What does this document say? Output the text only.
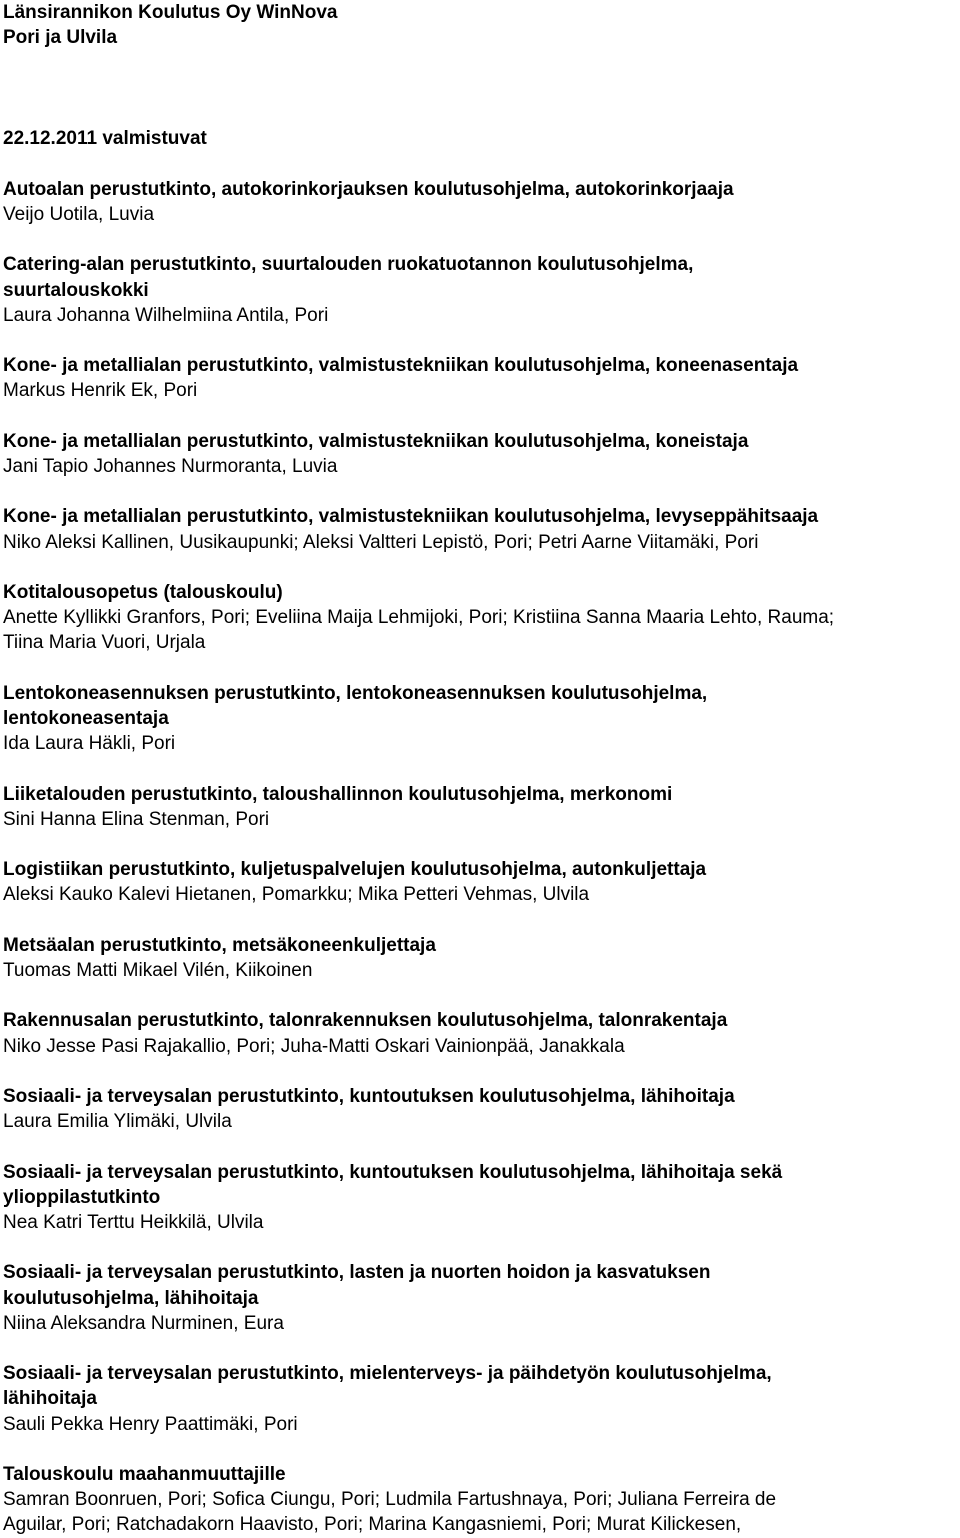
Länsirannikon Koulutus Oy WinNova
Pori ja Ulvila
22.12.2011 valmistuvat
Autoalan perustutkinto, autokorinkorjauksen koulutusohjelma, autokorinkorjaaja
Veijo Uotila, Luvia
Catering-alan perustutkinto, suurtalouden ruokatuotannon koulutusohjelma,
suurtalouskokki
Laura Johanna Wilhelmiina Antila, Pori
Kone- ja metallialan perustutkinto, valmistustekniikan koulutusohjelma, koneenasentaja
Markus Henrik Ek, Pori
Kone- ja metallialan perustutkinto, valmistustekniikan koulutusohjelma, koneistaja
Jani Tapio Johannes Nurmoranta, Luvia
Kone- ja metallialan perustutkinto, valmistustekniikan koulutusohjelma, levyseppähitsaaja
Niko Aleksi Kallinen, Uusikaupunki; Aleksi Valtteri Lepistö, Pori; Petri Aarne Viitamäki, Pori
Kotitalousopetus (talouskoulu)
Anette Kyllikki Granfors, Pori; Eveliina Maija Lehmijoki, Pori; Kristiina Sanna Maaria Lehto, Rauma;
Tiina Maria Vuori, Urjala
Lentokoneasennuksen perustutkinto, lentokoneasennuksen koulutusohjelma,
lentokoneasentaja
Ida Laura Häkli, Pori
Liiketalouden perustutkinto, taloushallinnon koulutusohjelma, merkonomi
Sini Hanna Elina Stenman, Pori
Logistiikan perustutkinto, kuljetuspalvelujen koulutusohjelma, autonkuljettaja
Aleksi Kauko Kalevi Hietanen, Pomarkku; Mika Petteri Vehmas, Ulvila
Metsäalan perustutkinto, metsäkoneenkuljettaja
Tuomas Matti Mikael Vilén, Kiikoinen
Rakennusalan perustutkinto, talonrakennuksen koulutusohjelma, talonrakentaja
Niko Jesse Pasi Rajakallio, Pori; Juha-Matti Oskari Vainionpää, Janakkala
Sosiaali- ja terveysalan perustutkinto, kuntoutuksen koulutusohjelma, lähihoitaja
Laura Emilia Ylimäki, Ulvila
Sosiaali- ja terveysalan perustutkinto, kuntoutuksen koulutusohjelma, lähihoitaja sekä
ylioppilastutkinto
Nea Katri Terttu Heikkilä, Ulvila
Sosiaali- ja terveysalan perustutkinto, lasten ja nuorten hoidon ja kasvatuksen
koulutusohjelma, lähihoitaja
Niina Aleksandra Nurminen, Eura
Sosiaali- ja terveysalan perustutkinto, mielenterveys- ja päihdetyön koulutusohjelma,
lähihoitaja
Sauli Pekka Henry Paattimäki, Pori
Talouskoulu maahanmuuttajille
Samran Boonruen, Pori; Sofica Ciungu, Pori; Ludmila Fartushnaya, Pori; Juliana Ferreira de
Aguilar, Pori; Ratchadakorn Haavisto, Pori; Marina Kangasniemi, Pori; Murat Kilickesen,
